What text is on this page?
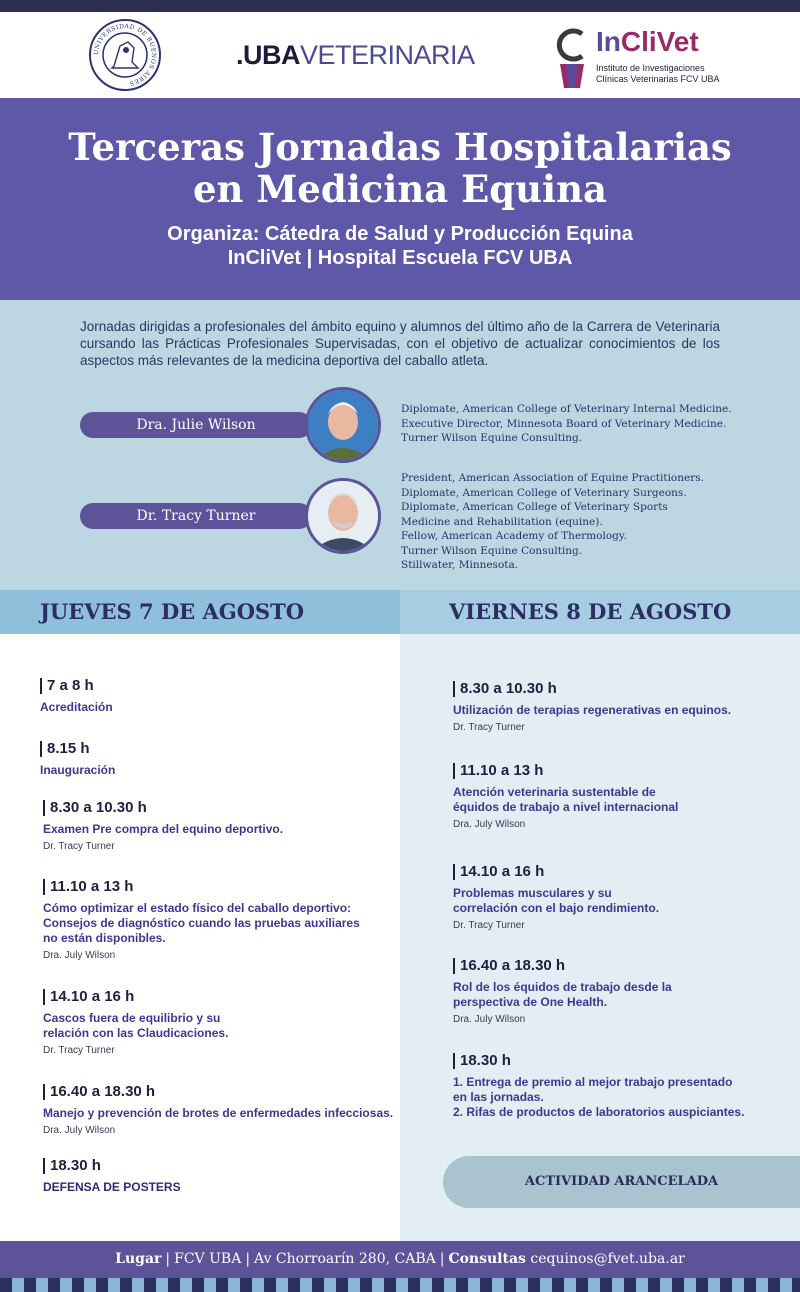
UNIVERSIDAD DE BUENOS AIRES
.UBAVETERINARIA	InCliVet
Instituto de Investigaciones
Clínicas Veterinarias FCV UBA
Terceras Jornadas Hospitalarias
en Medicina Equina
Organiza: Cátedra de Salud y Producción Equina
InCliVet | Hospital Escuela FCV UBA

Jornadas dirigidas a profesionales del ámbito equino y alumnos del último año de la Carrera de Veterinaria cursando las Prácticas Profesionales Supervisadas, con el objetivo de actualizar conocimientos de los aspectos más relevantes de la medicina deportiva del caballo atleta.

Dra. Julie Wilson
Diplomate, American College of Veterinary Internal Medicine.
Executive Director, Minnesota Board of Veterinary Medicine.
Turner Wilson Equine Consulting.
Dr. Tracy Turner
President, American Association of Equine Practitioners.
Diplomate, American College of Veterinary Surgeons.
Diplomate, American College of Veterinary Sports
Medicine and Rehabilitation (equine).
Fellow, American Academy of Thermology.
Turner Wilson Equine Consulting.
Stillwater, Minnesota.
JUEVES 7 DE AGOSTO
7 a 8 h
Acreditación
8.15 h
Inauguración
8.30 a 10.30 h
Examen Pre compra del equino deportivo.
Dr. Tracy Turner
11.10 a 13 h
Cómo optimizar el estado físico del caballo deportivo:
Consejos de diagnóstico cuando las pruebas auxiliares
no están disponibles.
Dra. July Wilson
14.10 a 16 h
Cascos fuera de equilibrio y su
relación con las Claudicaciones.
Dr. Tracy Turner
16.40 a 18.30 h
Manejo y prevención de brotes de enfermedades infecciosas.
Dra. July Wilson
18.30 h
DEFENSA DE POSTERS
VIERNES 8 DE AGOSTO
8.30 a 10.30 h
Utilización de terapias regenerativas en equinos.
Dr. Tracy Turner
11.10 a 13 h
Atención veterinaria sustentable de
équidos de trabajo a nivel internacional
Dra. July Wilson
14.10 a 16 h
Problemas musculares y su
correlación con el bajo rendimiento.
Dr. Tracy Turner
16.40 a 18.30 h
Rol de los équidos de trabajo desde la
perspectiva de One Health.
Dra. July Wilson
18.30 h
1. Entrega de premio al mejor trabajo presentado
en las jornadas.
2. Rifas de productos de laboratorios auspiciantes.
ACTIVIDAD ARANCELADA
Lugar | FCV UBA | Av Chorroarín 280, CABA | Consultas cequinos@fvet.uba.ar
